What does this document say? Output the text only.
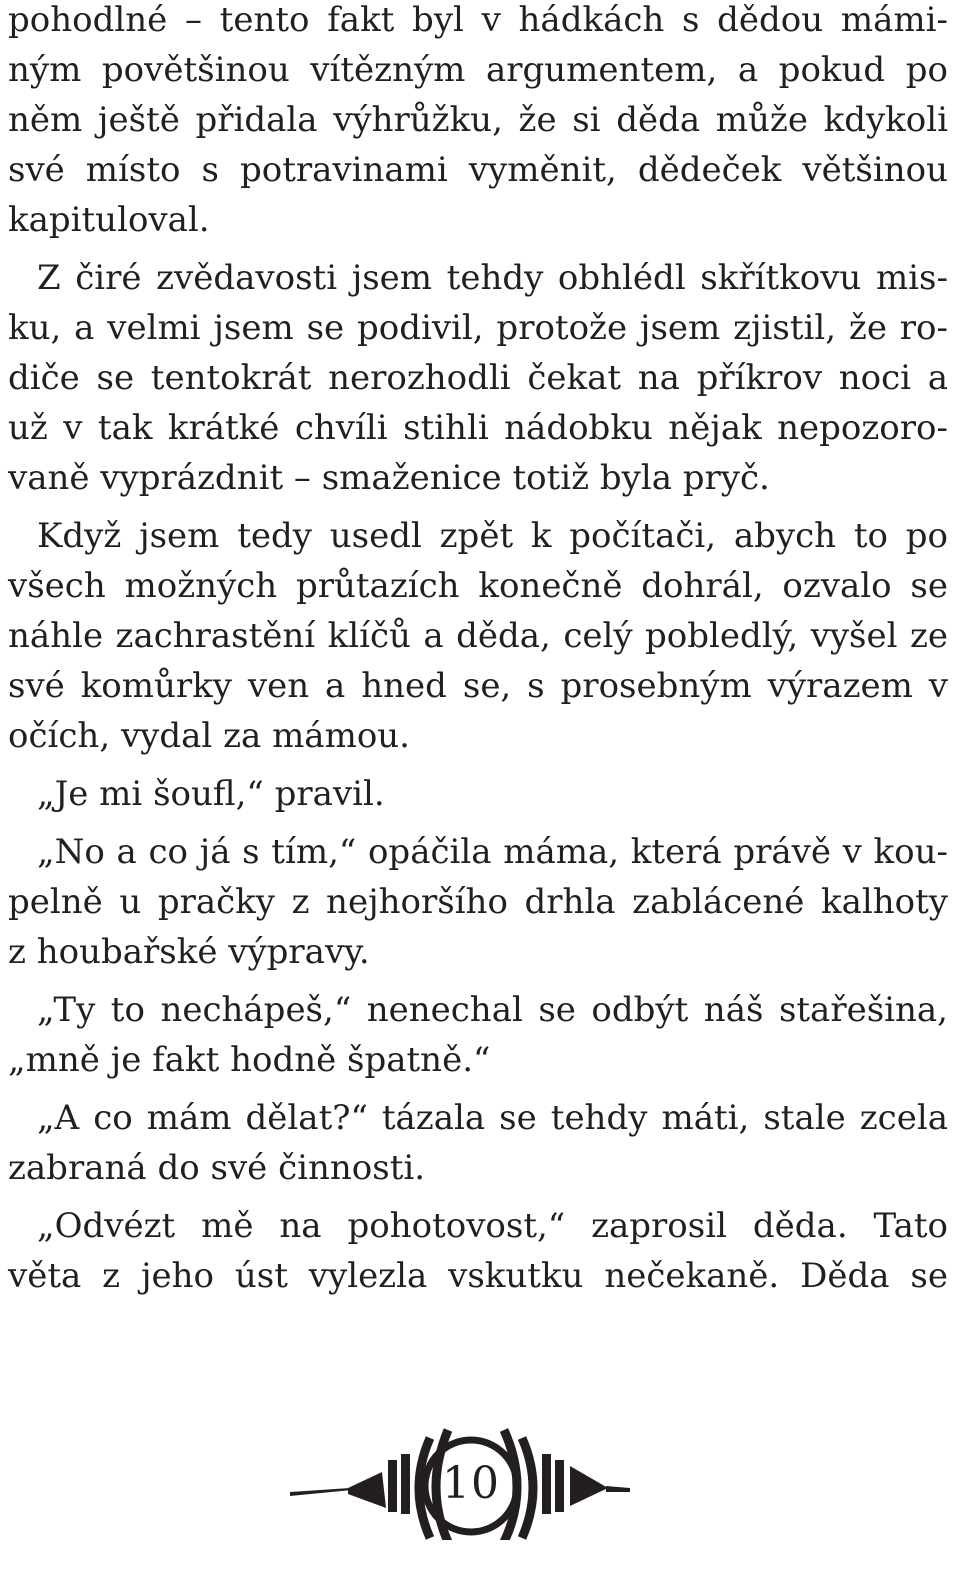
pohodlné – tento fakt byl v hádkách s dědou mámi-
ným povětšinou vítězným argumentem, a pokud po
něm ještě přidala výhrůžku, že si děda může kdykoli
své místo s potravinami vyměnit, dědeček většinou
kapituloval.
Z čiré zvědavosti jsem tehdy obhlédl skřítkovu mis-
ku, a velmi jsem se podivil, protože jsem zjistil, že ro-
diče se tentokrát nerozhodli čekat na příkrov noci a
už v tak krátké chvíli stihli nádobku nějak nepozoro-
vaně vyprázdnit – smaženice totiž byla pryč.
Když jsem tedy usedl zpět k počítači, abych to po
všech možných průtazích konečně dohrál, ozvalo se
náhle zachrastění klíčů a děda, celý pobledlý, vyšel ze
své komůrky ven a hned se, s prosebným výrazem v
očích, vydal za mámou.
„Je mi šoufl,“ pravil.
„No a co já s tím,“ opáčila máma, která právě v kou-
pelně u pračky z nejhoršího drhla zablácené kalhoty
z houbařské výpravy.
„Ty to nechápeš,“ nenechal se odbýt náš stařešina,
„mně je fakt hodně špatně.“
„A co mám dělat?“ tázala se tehdy máti, stale zcela
zabraná do své činnosti.
„Odvézt mě na pohotovost,“ zaprosil děda. Tato
věta z jeho úst vylezla vskutku nečekaně. Děda se
10
